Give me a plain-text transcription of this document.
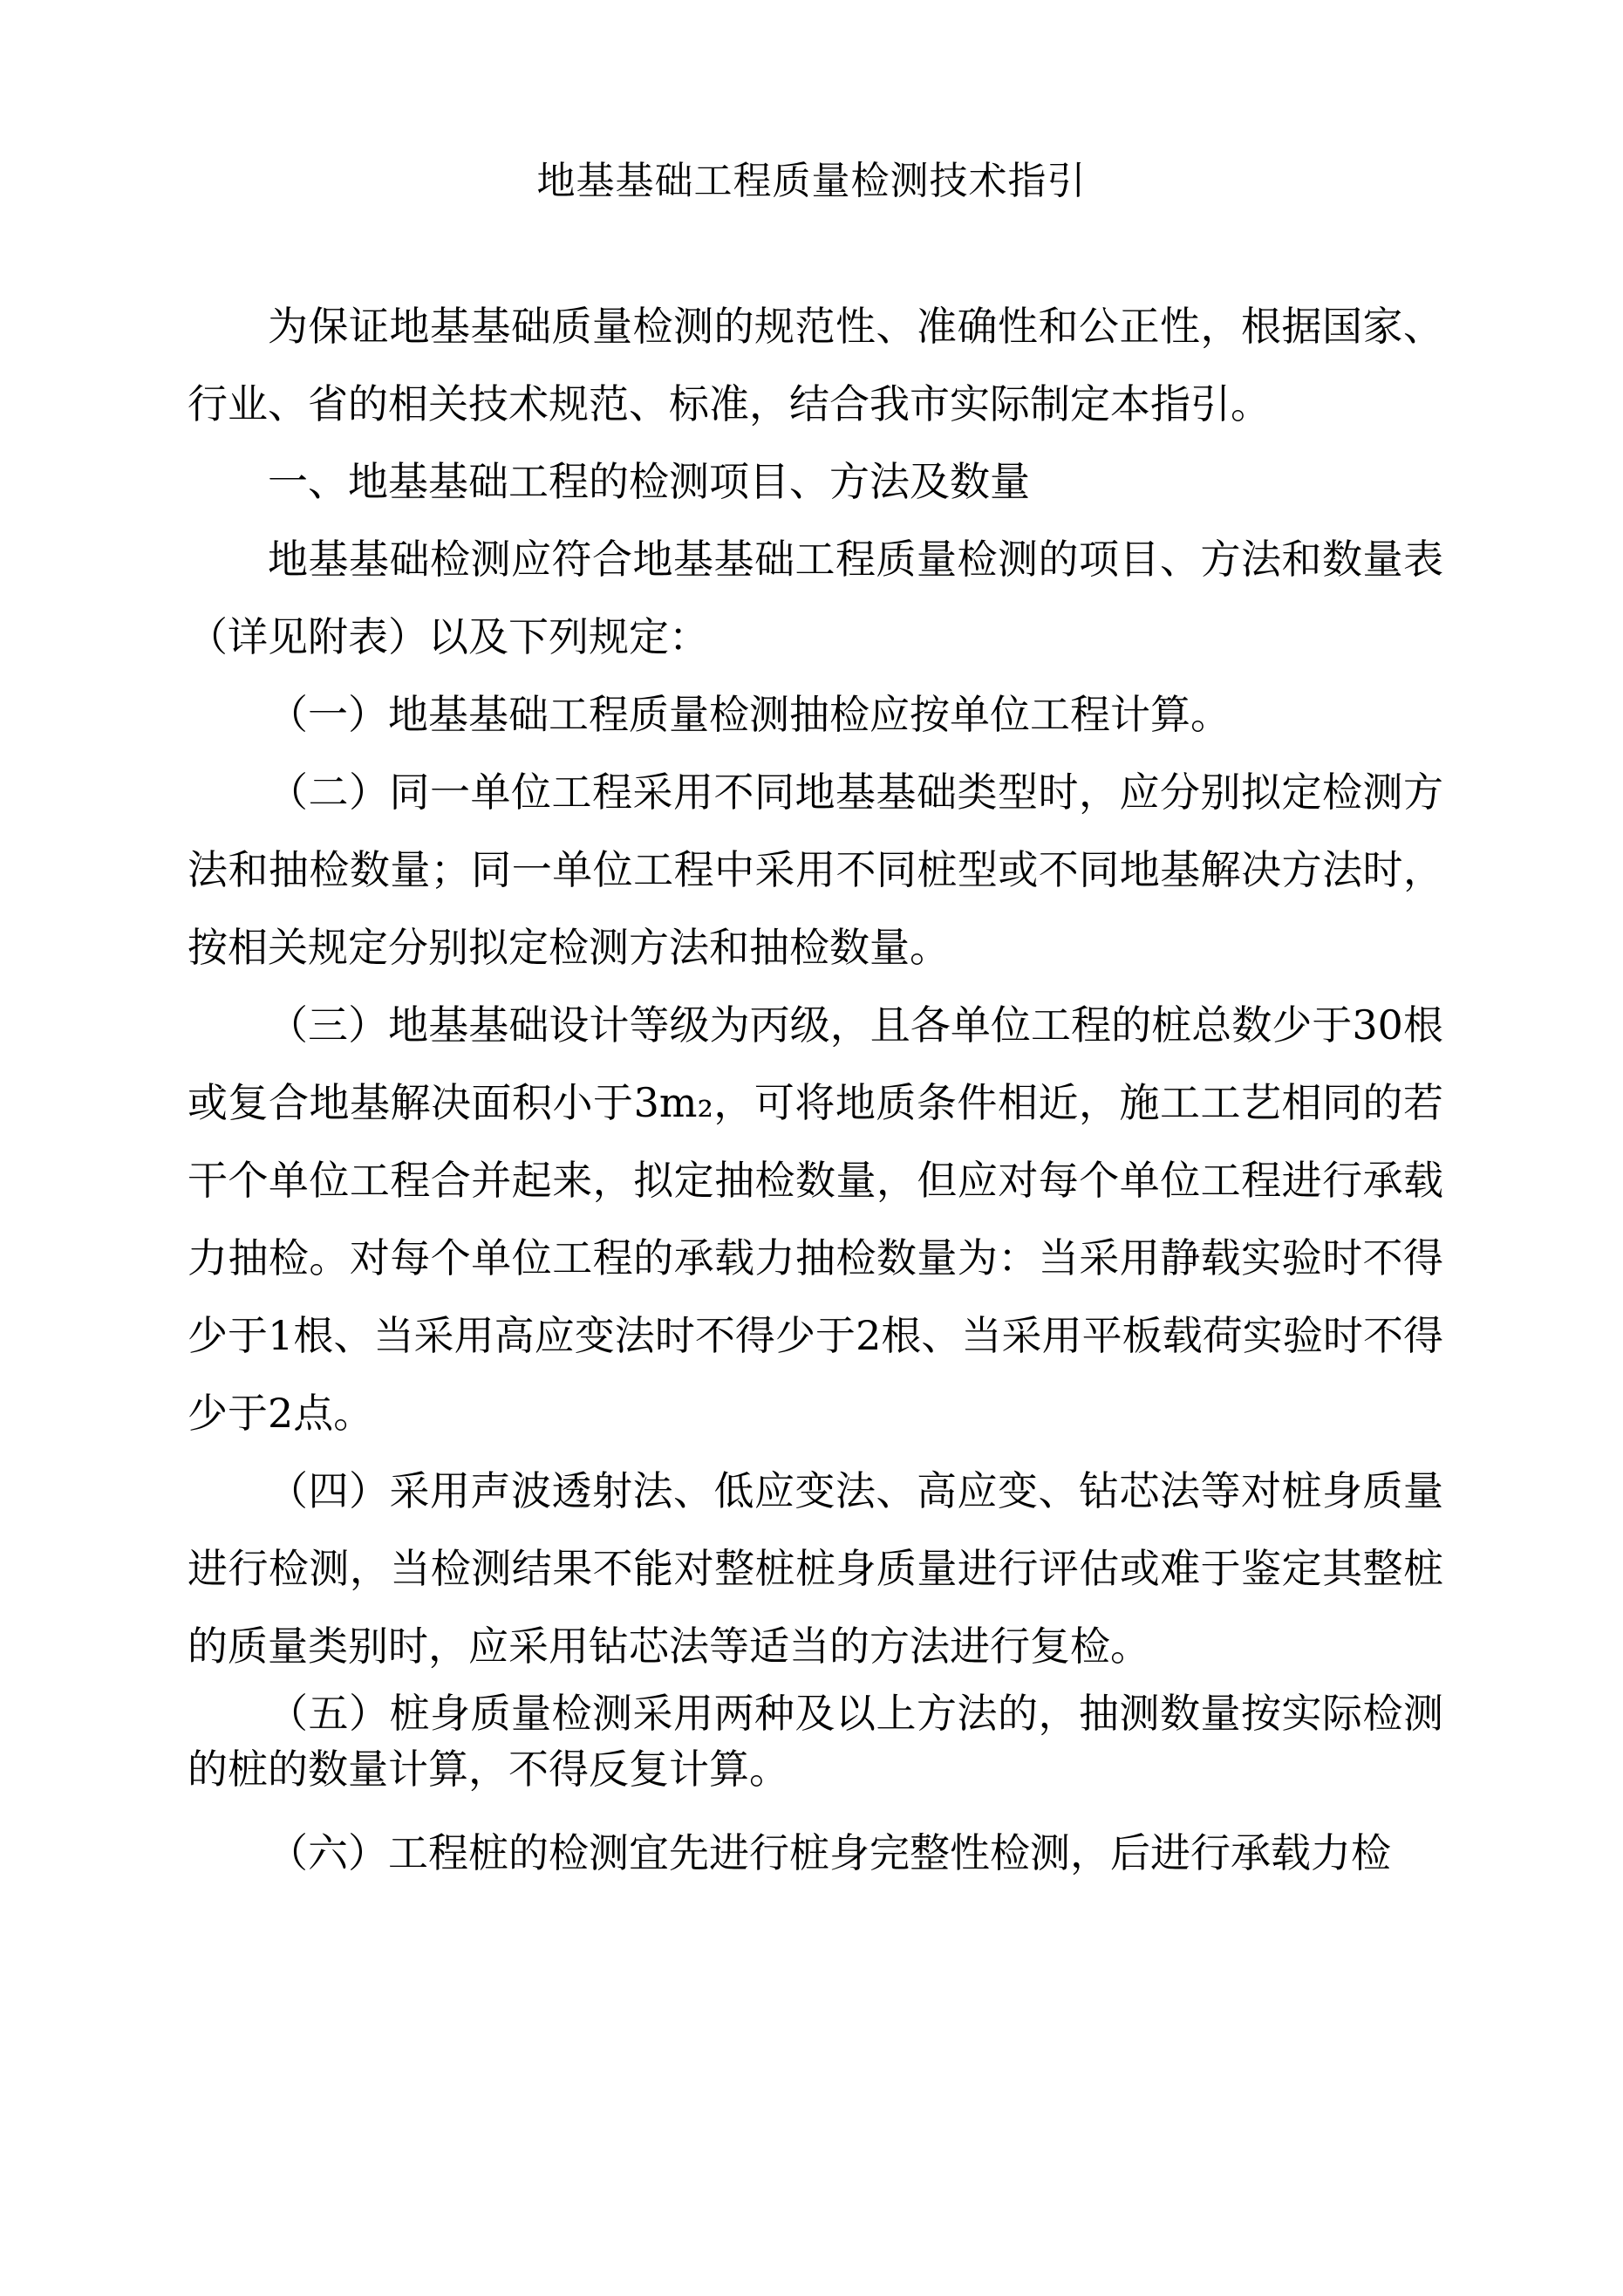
地基基础工程质量检测技术指引

为保证地基基础质量检测的规范性、准确性和公正性，根据国家、行业、省的相关技术规范、标准，结合我市实际制定本指引。

一、地基基础工程的检测项目、方法及数量

地基基础检测应符合地基基础工程质量检测的项目、方法和数量表（详见附表）以及下列规定：

（一）地基基础工程质量检测抽检应按单位工程计算。

（二）同一单位工程采用不同地基基础类型时，应分别拟定检测方法和抽检数量；同一单位工程中采用不同桩型或不同地基解决方法时，按相关规定分别拟定检测方法和抽检数量。

（三）地基基础设计等级为丙级，且各单位工程的桩总数少于30根或复合地基解决面积小于3m₂，可将地质条件相近，施工工艺相同的若干个单位工程合并起来，拟定抽检数量，但应对每个单位工程进行承载力抽检。对每个单位工程的承载力抽检数量为：当采用静载实验时不得少于1根、当采用高应变法时不得少于2根、当采用平板载荷实验时不得少于2点。

（四）采用声波透射法、低应变法、高应变、钻芯法等对桩身质量进行检测，当检测结果不能对整桩桩身质量进行评估或难于鉴定其整桩的质量类别时，应采用钻芯法等适当的方法进行复检。

（五）桩身质量检测采用两种及以上方法的，抽测数量按实际检测的桩的数量计算，不得反复计算。

（六）工程桩的检测宜先进行桩身完整性检测，后进行承载力检
